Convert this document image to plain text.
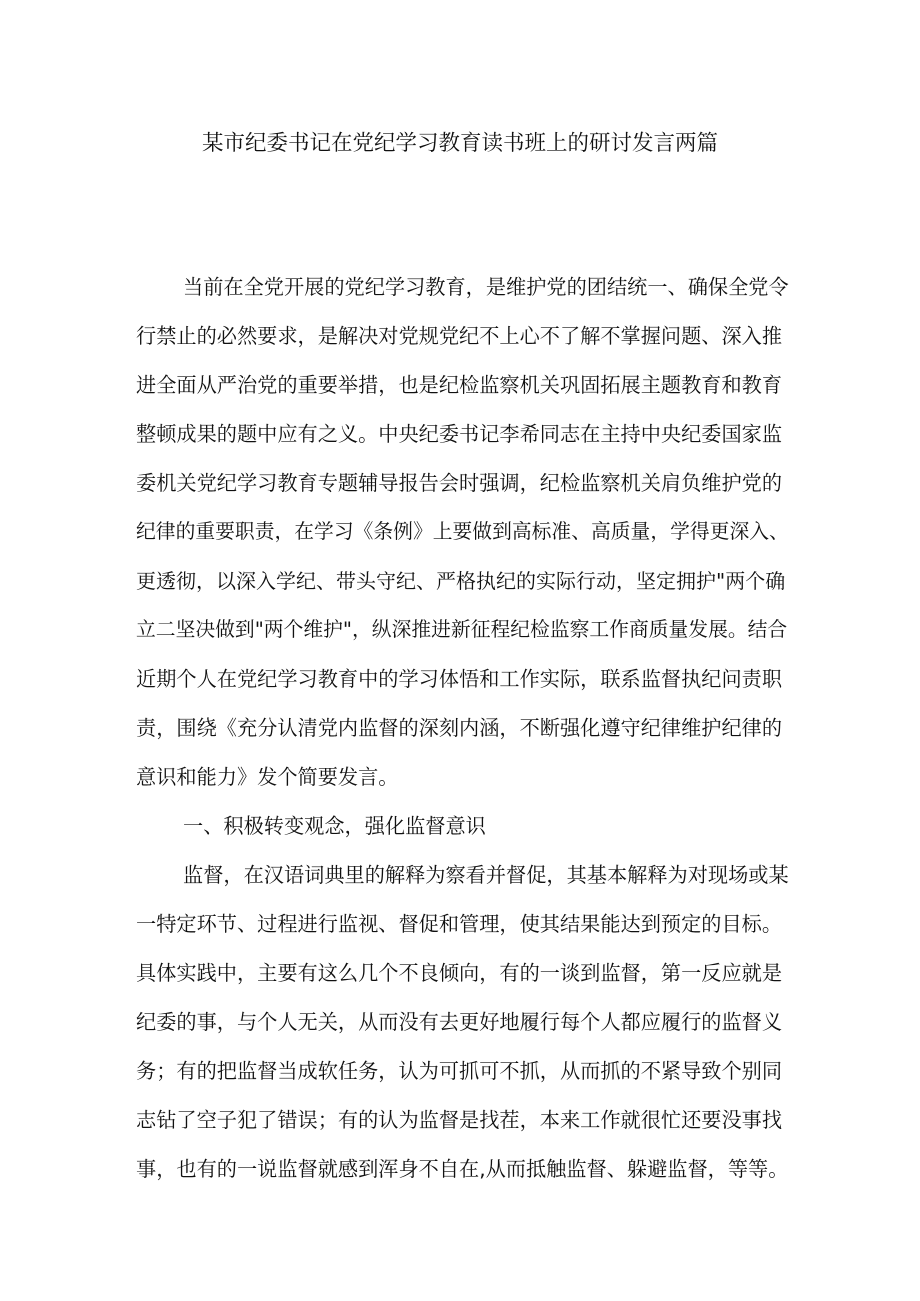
某市纪委书记在党纪学习教育读书班上的研讨发言两篇
当前在全党开展的党纪学习教育，是维护党的团结统一、确保全党令
行禁止的必然要求，是解决对党规党纪不上心不了解不掌握问题、深入推
进全面从严治党的重要举措，也是纪检监察机关巩固拓展主题教育和教育
整顿成果的题中应有之义。中央纪委书记李希同志在主持中央纪委国家监
委机关党纪学习教育专题辅导报告会时强调，纪检监察机关肩负维护党的
纪律的重要职责，在学习《条例》上要做到高标准、高质量，学得更深入、
更透彻，以深入学纪、带头守纪、严格执纪的实际行动，坚定拥护"两个确
立二坚决做到"两个维护"，纵深推进新征程纪检监察工作商质量发展。结合
近期个人在党纪学习教育中的学习体悟和工作实际，联系监督执纪问责职
责，围绕《充分认清党内监督的深刻内涵，不断强化遵守纪律维护纪律的
意识和能力》发个简要发言。
一、积极转变观念，强化监督意识
监督，在汉语词典里的解释为察看并督促，其基本解释为对现场或某
一特定环节、过程进行监视、督促和管理，使其结果能达到预定的目标。
具体实践中，主要有这么几个不良倾向，有的一谈到监督，第一反应就是
纪委的事，与个人无关，从而没有去更好地履行每个人都应履行的监督义
务；有的把监督当成软任务，认为可抓可不抓，从而抓的不紧导致个别同
志钻了空子犯了错误；有的认为监督是找茬，本来工作就很忙还要没事找
事，也有的一说监督就感到浑身不自在,从而抵触监督、躲避监督，等等。
